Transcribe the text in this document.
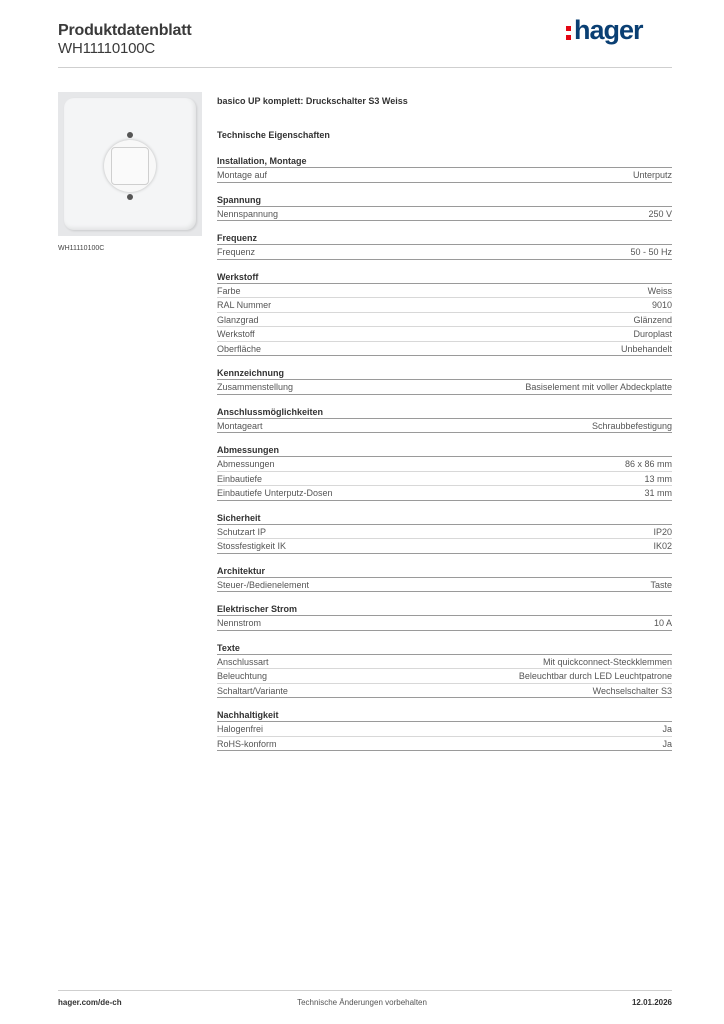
Produktdatenblatt
WH11110100C
hager
WH11110100C
basico UP komplett: Druckschalter S3 Weiss
Technische Eigenschaften
Installation, Montage
Montage auf	Unterputz
Spannung
Nennspannung	250 V
Frequenz
Frequenz	50 - 50 Hz
Werkstoff
Farbe	Weiss
RAL Nummer	9010
Glanzgrad	Glänzend
Werkstoff	Duroplast
Oberfläche	Unbehandelt
Kennzeichnung
Zusammenstellung	Basiselement mit voller Abdeckplatte
Anschlussmöglichkeiten
Montageart	Schraubbefestigung
Abmessungen
Abmessungen	86 x 86 mm
Einbautiefe	13 mm
Einbautiefe Unterputz-Dosen	31 mm
Sicherheit
Schutzart IP	IP20
Stossfestigkeit IK	IK02
Architektur
Steuer-/Bedienelement	Taste
Elektrischer Strom
Nennstrom	10 A
Texte
Anschlussart	Mit quickconnect-Steckklemmen
Beleuchtung	Beleuchtbar durch LED Leuchtpatrone
Schaltart/Variante	Wechselschalter S3
Nachhaltigkeit
Halogenfrei	Ja
RoHS-konform	Ja
hager.com/de-ch	Technische Änderungen vorbehalten	12.01.2026
